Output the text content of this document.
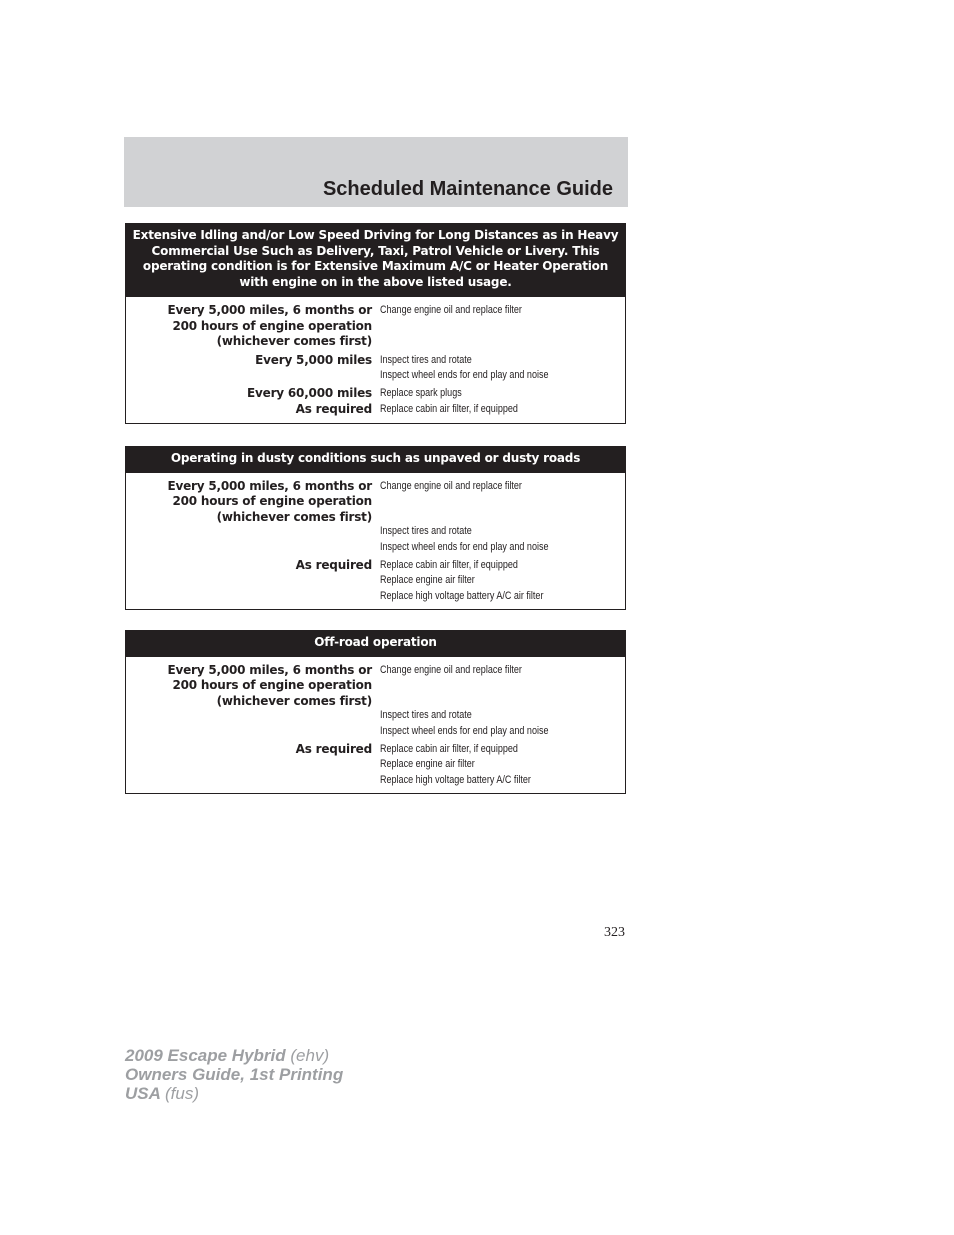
Scheduled Maintenance Guide
Extensive Idling and/or Low Speed Driving for Long Distances as in Heavy
Commercial Use Such as Delivery, Taxi, Patrol Vehicle or Livery. This
operating condition is for Extensive Maximum A/C or Heater Operation
with engine on in the above listed usage.
Every 5,000 miles, 6 months or
200 hours of engine operation
(whichever comes first)
Change engine oil and replace filter
Every 5,000 miles Inspect tires and rotate
Inspect wheel ends for end play and noise
Every 60,000 miles Replace spark plugs
As required Replace cabin air filter, if equipped
Operating in dusty conditions such as unpaved or dusty roads
Every 5,000 miles, 6 months or
200 hours of engine operation
(whichever comes first)
Change engine oil and replace filter

Inspect tires and rotate
Inspect wheel ends for end play and noise
As required Replace cabin air filter, if equipped
Replace engine air filter
Replace high voltage battery A/C air filter
Off-road operation
Every 5,000 miles, 6 months or
200 hours of engine operation
(whichever comes first)
Change engine oil and replace filter

Inspect tires and rotate
Inspect wheel ends for end play and noise
As required Replace cabin air filter, if equipped
Replace engine air filter
Replace high voltage battery A/C filter
323
2009 Escape Hybrid (ehv)
Owners Guide, 1st Printing
USA (fus)
